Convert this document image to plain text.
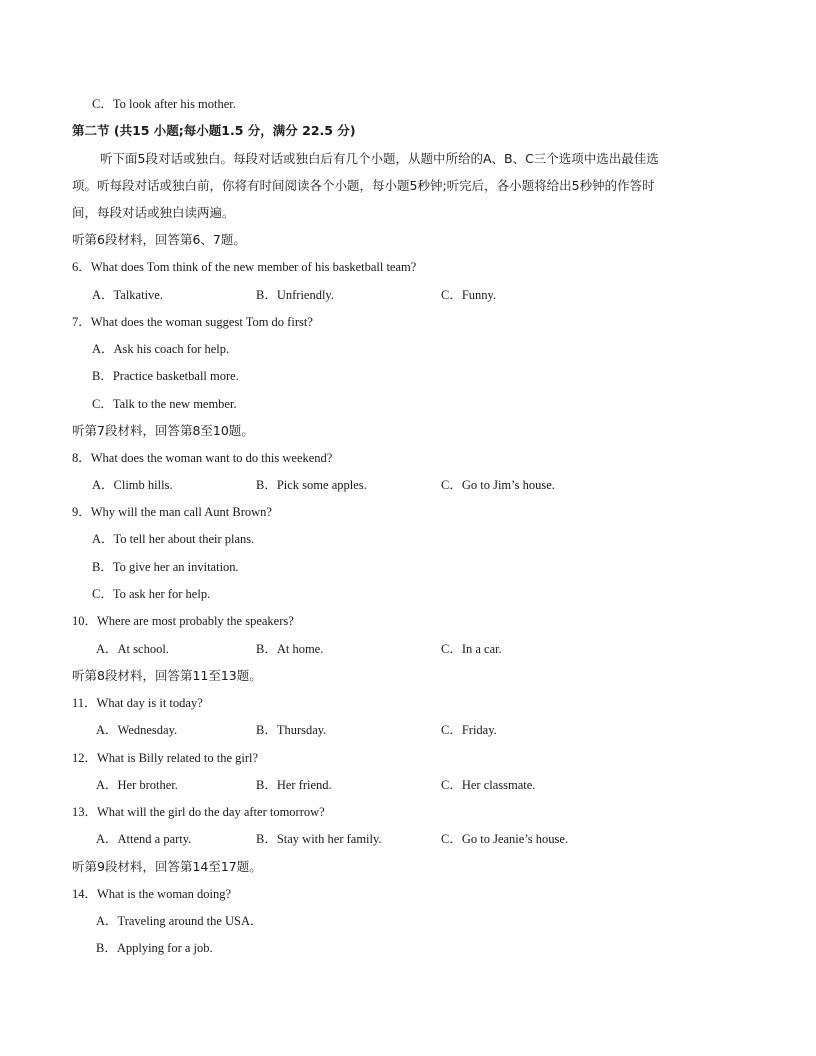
C．To look after his mother.
第二节 (共15 小题;每小题1.5 分，满分 22.5 分)
听下面5段对话或独白。每段对话或独白后有几个小题，从题中所给的A、B、C三个选项中选出最佳选
项。听每段对话或独白前，你将有时间阅读各个小题，每小题5秒钟;听完后，各小题将给出5秒钟的作答时
间，每段对话或独白读两遍。
听第6段材料，回答第6、7题。
6．What does Tom think of the new member of his basketball team?
A．Talkative.	B．Unfriendly.	C．Funny.
7．What does the woman suggest Tom do first?
A．Ask his coach for help.
B．Practice basketball more.
C．Talk to the new member.
听第7段材料，回答第8至10题。
8．What does the woman want to do this weekend?
A．Climb hills.	B．Pick some apples.	C．Go to Jim’s house.
9．Why will the man call Aunt Brown?
A．To tell her about their plans.
B．To give her an invitation.
C．To ask her for help.
10．Where are most probably the speakers?
A．At school.	B．At home.	C．In a car.
听第8段材料，回答第11至13题。
11．What day is it today?
A．Wednesday.	B．Thursday.	C．Friday.
12．What is Billy related to the girl?
A．Her brother.	B．Her friend.	C．Her classmate.
13．What will the girl do the day after tomorrow?
A．Attend a party.	B．Stay with her family.	C．Go to Jeanie’s house.
听第9段材料，回答第14至17题。
14．What is the woman doing?
A．Traveling around the USA．
B．Applying for a job.
